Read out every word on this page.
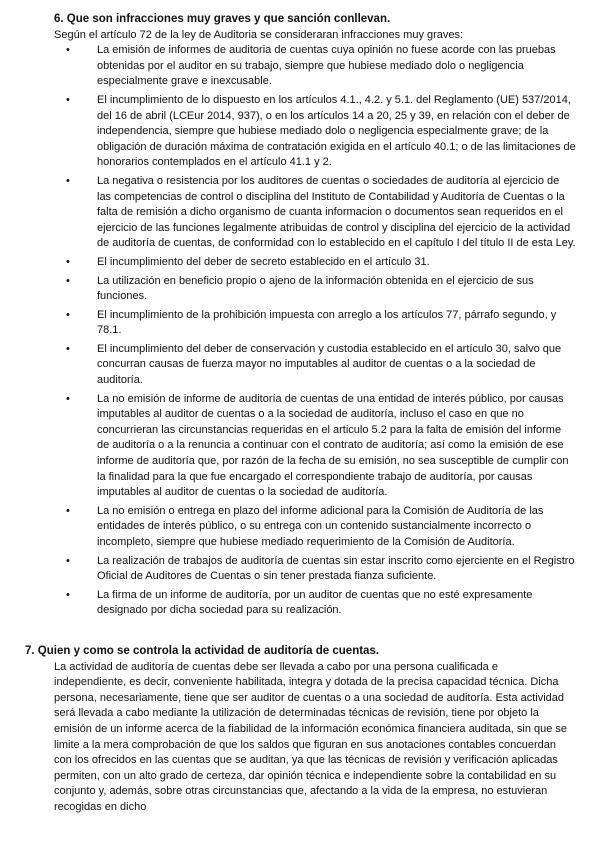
6. Que son infracciones muy graves y que sanción conllevan.

Según el artículo 72 de la ley de Auditoria se consideraran infracciones muy graves:

• La emisión de informes de auditoria de cuentas cuya opinión no fuese acorde con las pruebas obtenidas por el auditor en su trabajo, siempre que hubiese mediado dolo o negligencia especialmente grave e inexcusable.
• El incumplimiento de lo dispuesto en los artículos 4.1., 4.2. y 5.1. del Reglamento (UE) 537/2014, del 16 de abril (LCEur 2014, 937), o en los artículos 14 a 20, 25 y 39, en relación con el deber de independencia, siempre que hubiese mediado dolo o negligencia especialmente grave; de la obligación de duración máxima de contratación exigida en el artículo 40.1; o de las limitaciones de honorarios contemplados en el artículo 41.1 y 2.
• La negativa o resistencia por los auditores de cuentas o sociedades de auditoría al ejercicio de las competencias de control o disciplina del Instituto de Contabilidad y Auditoría de Cuentas o la falta de remisión a dicho organismo de cuanta informacion o documentos sean requeridos en el ejercicio de las funciones legalmente atribuidas de control y disciplina del ejercicio de la actividad de auditoría de cuentas, de conformidad con lo establecido en el capítulo I del título II de esta Ley.
• El incumplimiento del deber de secreto establecido en el artículo 31.
• La utilización en beneficio propio o ajeno de la información obtenida en el ejercicio de sus funciones.
• El incumplimiento de la prohibición impuesta con arreglo a los artículos 77, párrafo segundo, y 78.1.
• El incumplimiento del deber de conservación y custodia establecido en el artículo 30, salvo que concurran causas de fuerza mayor no imputables al auditor de cuentas o a la sociedad de auditoría.
• La no emisión de informe de auditoría de cuentas de una entidad de interés público, por causas imputables al auditor de cuentas o a la sociedad de auditoría, incluso el caso en que no concurrieran las circunstancias requeridas en el articulo 5.2 para la falta de emisión del informe de auditoría o a la renuncia a continuar con el contrato de auditoría; así como la emisión de ese informe de auditoría que, por razón de la fecha de su emisión, no sea susceptible de cumplir con la finalidad para la que fue encargado el correspondiente trabajo de auditoría, por causas imputables al auditor de cuentas o la sociedad de auditoría.
• La no emisión o entrega en plazo del informe adicional para la Comisión de Auditoría de las entidades de interés público, o su entrega con un contenido sustancialmente incorrecto o incompleto, siempre que hubiese mediado requerimiento de la Comisión de Auditoría.
• La realización de trabajos de auditoría de cuentas sin estar inscrito como ejerciente en el Registro Oficial de Auditores de Cuentas o sin tener prestada fianza suficiente.
• La firma de un informe de auditoría, por un auditor de cuentas que no esté expresamente designado por dicha sociedad para su realización.
7. Quien y como se controla la actividad de auditoría de cuentas.

La actividad de auditoría de cuentas debe ser llevada a cabo por una persona cualificada e independiente, es decir, conveniente habilitada, integra y dotada de la precisa capacidad técnica. Dicha persona, necesariamente, tiene que ser auditor de cuentas o a una sociedad de auditoría. Esta actividad será llevada a cabo mediante la utilización de determinadas técnicas de revisión, tiene por objeto la emisión de un informe acerca de la fiabilidad de la información económica financiera auditada, sin que se limite a la mera comprobación de que los saldos que figuran en sus anotaciones contables concuerdan con los ofrecidos en las cuentas que se auditan, ya que las técnicas de revisión y verificación aplicadas permiten, con un alto grado de certeza, dar opinión técnica e independiente sobre la contabilidad en su conjunto y, además, sobre otras circunstancias que, afectando a la vida de la empresa, no estuvieran recogidas en dicho
